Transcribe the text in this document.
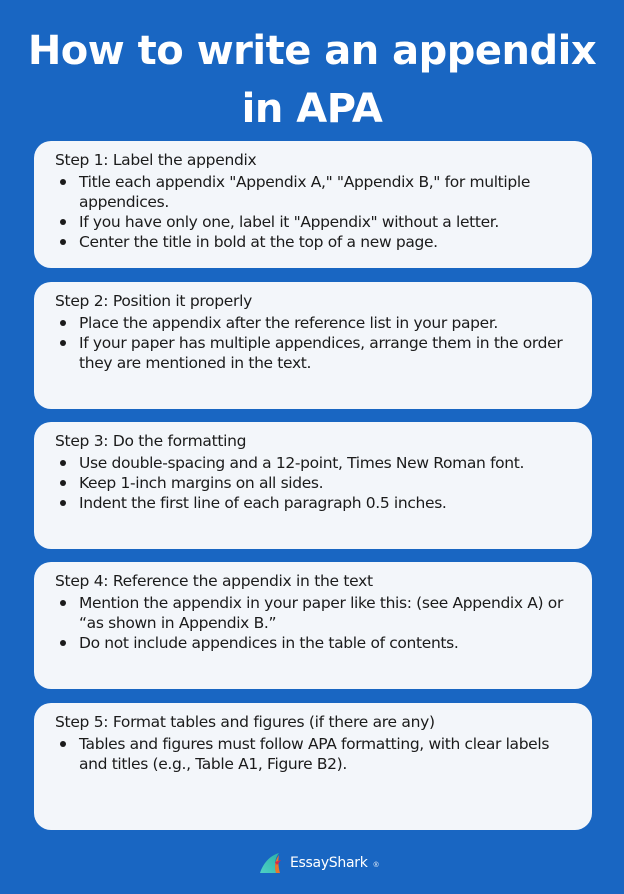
How to write an appendix
in APA
Step 1: Label the appendix
Title each appendix "Appendix A," "Appendix B," for multiple appendices.
If you have only one, label it "Appendix" without a letter.
Center the title in bold at the top of a new page.
Step 2: Position it properly
Place the appendix after the reference list in your paper.
If your paper has multiple appendices, arrange them in the order they are mentioned in the text.
Step 3: Do the formatting
Use double-spacing and a 12-point, Times New Roman font.
Keep 1-inch margins on all sides.
Indent the first line of each paragraph 0.5 inches.
Step 4: Reference the appendix in the text
Mention the appendix in your paper like this: (see Appendix A) or “as shown in Appendix B.”
Do not include appendices in the table of contents.
Step 5: Format tables and figures (if there are any)
Tables and figures must follow APA formatting, with clear labels and titles (e.g., Table A1, Figure B2).
EssayShark ®
